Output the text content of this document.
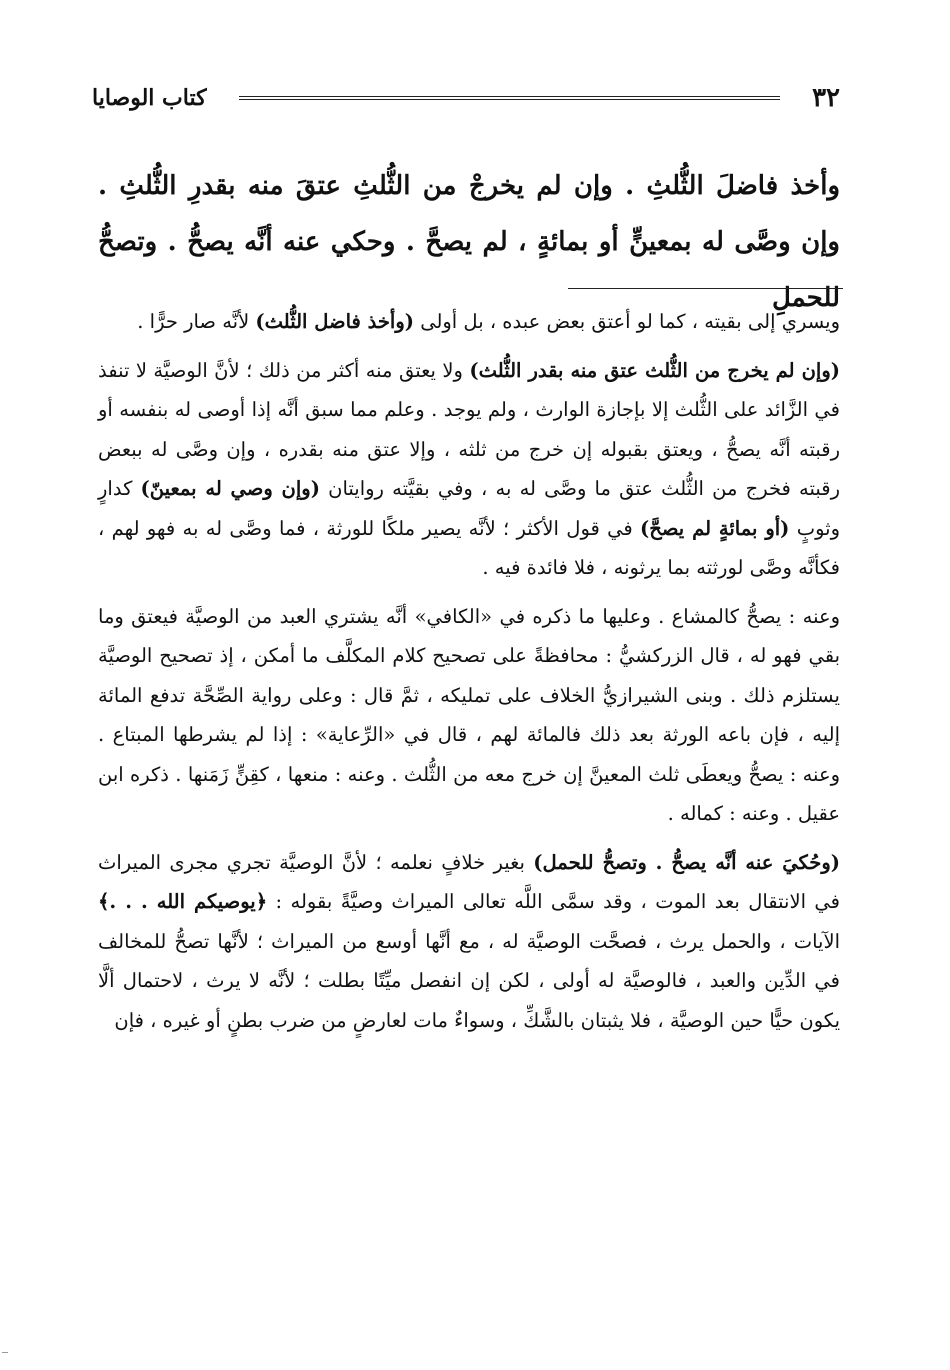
٣٢
كتاب الوصايا

وأخذ فاضلَ الثُّلثِ . وإن لم يخرجْ من الثُّلثِ عتقَ منه بقدرِ الثُّلثِ . وإن وصَّى له بمعينٍّ أو بمائةٍ ، لم يصحَّ . وحكي عنه أنَّه يصحُّ . وتصحُّ للحملِ

ويسري إلى بقيته ، كما لو أعتق بعض عبده ، بل أولى (وأخذ فاضل الثُّلث) لأنَّه صار حرًّا .

(وإن لم يخرج من الثُّلث عتق منه بقدر الثُّلث) ولا يعتق منه أكثر من ذلك ؛ لأنَّ الوصيَّة لا تنفذ في الزَّائد على الثُّلث إلا بإجازة الوارث ، ولم يوجد . وعلم مما سبق أنَّه إذا أوصى له بنفسه أو رقبته أنَّه يصحُّ ، ويعتق بقبوله إن خرج من ثلثه ، وإلا عتق منه بقدره ، وإن وصَّى له ببعض رقبته فخرج من الثُّلث عتق ما وصَّى له به ، وفي بقيَّته روايتان (وإن وصي له بمعينّ) كدارٍ وثوبٍ (أو بمائةٍ لم يصحَّ) في قول الأكثر ؛ لأنَّه يصير ملكًا للورثة ، فما وصَّى له به فهو لهم ، فكأنَّه وصَّى لورثته بما يرثونه ، فلا فائدة فيه .

وعنه : يصحُّ كالمشاع . وعليها ما ذكره في «الكافي» أنَّه يشتري العبد من الوصيَّة فيعتق وما بقي فهو له ، قال الزركشيُّ : محافظةً على تصحيح كلام المكلَّف ما أمكن ، إذ تصحيح الوصيَّة يستلزم ذلك . وبنى الشيرازيُّ الخلاف على تمليكه ، ثمَّ قال : وعلى رواية الصِّحَّة تدفع المائة إليه ، فإن باعه الورثة بعد ذلك فالمائة لهم ، قال في «الرِّعاية» : إذا لم يشرطها المبتاع . وعنه : يصحُّ ويعطَى ثلث المعينَّ إن خرج معه من الثُّلث . وعنه : منعها ، كقِنٍّ زَمَنها . ذكره ابن عقيل . وعنه : كماله .

(وحُكيَ عنه أنَّه يصحُّ . وتصحُّ للحمل) بغير خلافٍ نعلمه ؛ لأنَّ الوصيَّة تجري مجرى الميراث في الانتقال بعد الموت ، وقد سمَّى اللَّه تعالى الميراث وصيَّةً بقوله : ﴿يوصيكم الله . . .﴾ الآيات ، والحمل يرث ، فصحَّت الوصيَّة له ، مع أنَّها أوسع من الميراث ؛ لأنَّها تصحُّ للمخالف في الدِّين والعبد ، فالوصيَّة له أولى ، لكن إن انفصل ميِّتًا بطلت ؛ لأنَّه لا يرث ، لاحتمال ألَّا يكون حيًّا حين الوصيَّة ، فلا يثبتان بالشَّكِّ ، وسواءٌ مات لعارضٍ من ضرب بطنٍ أو غيره ، فإن
